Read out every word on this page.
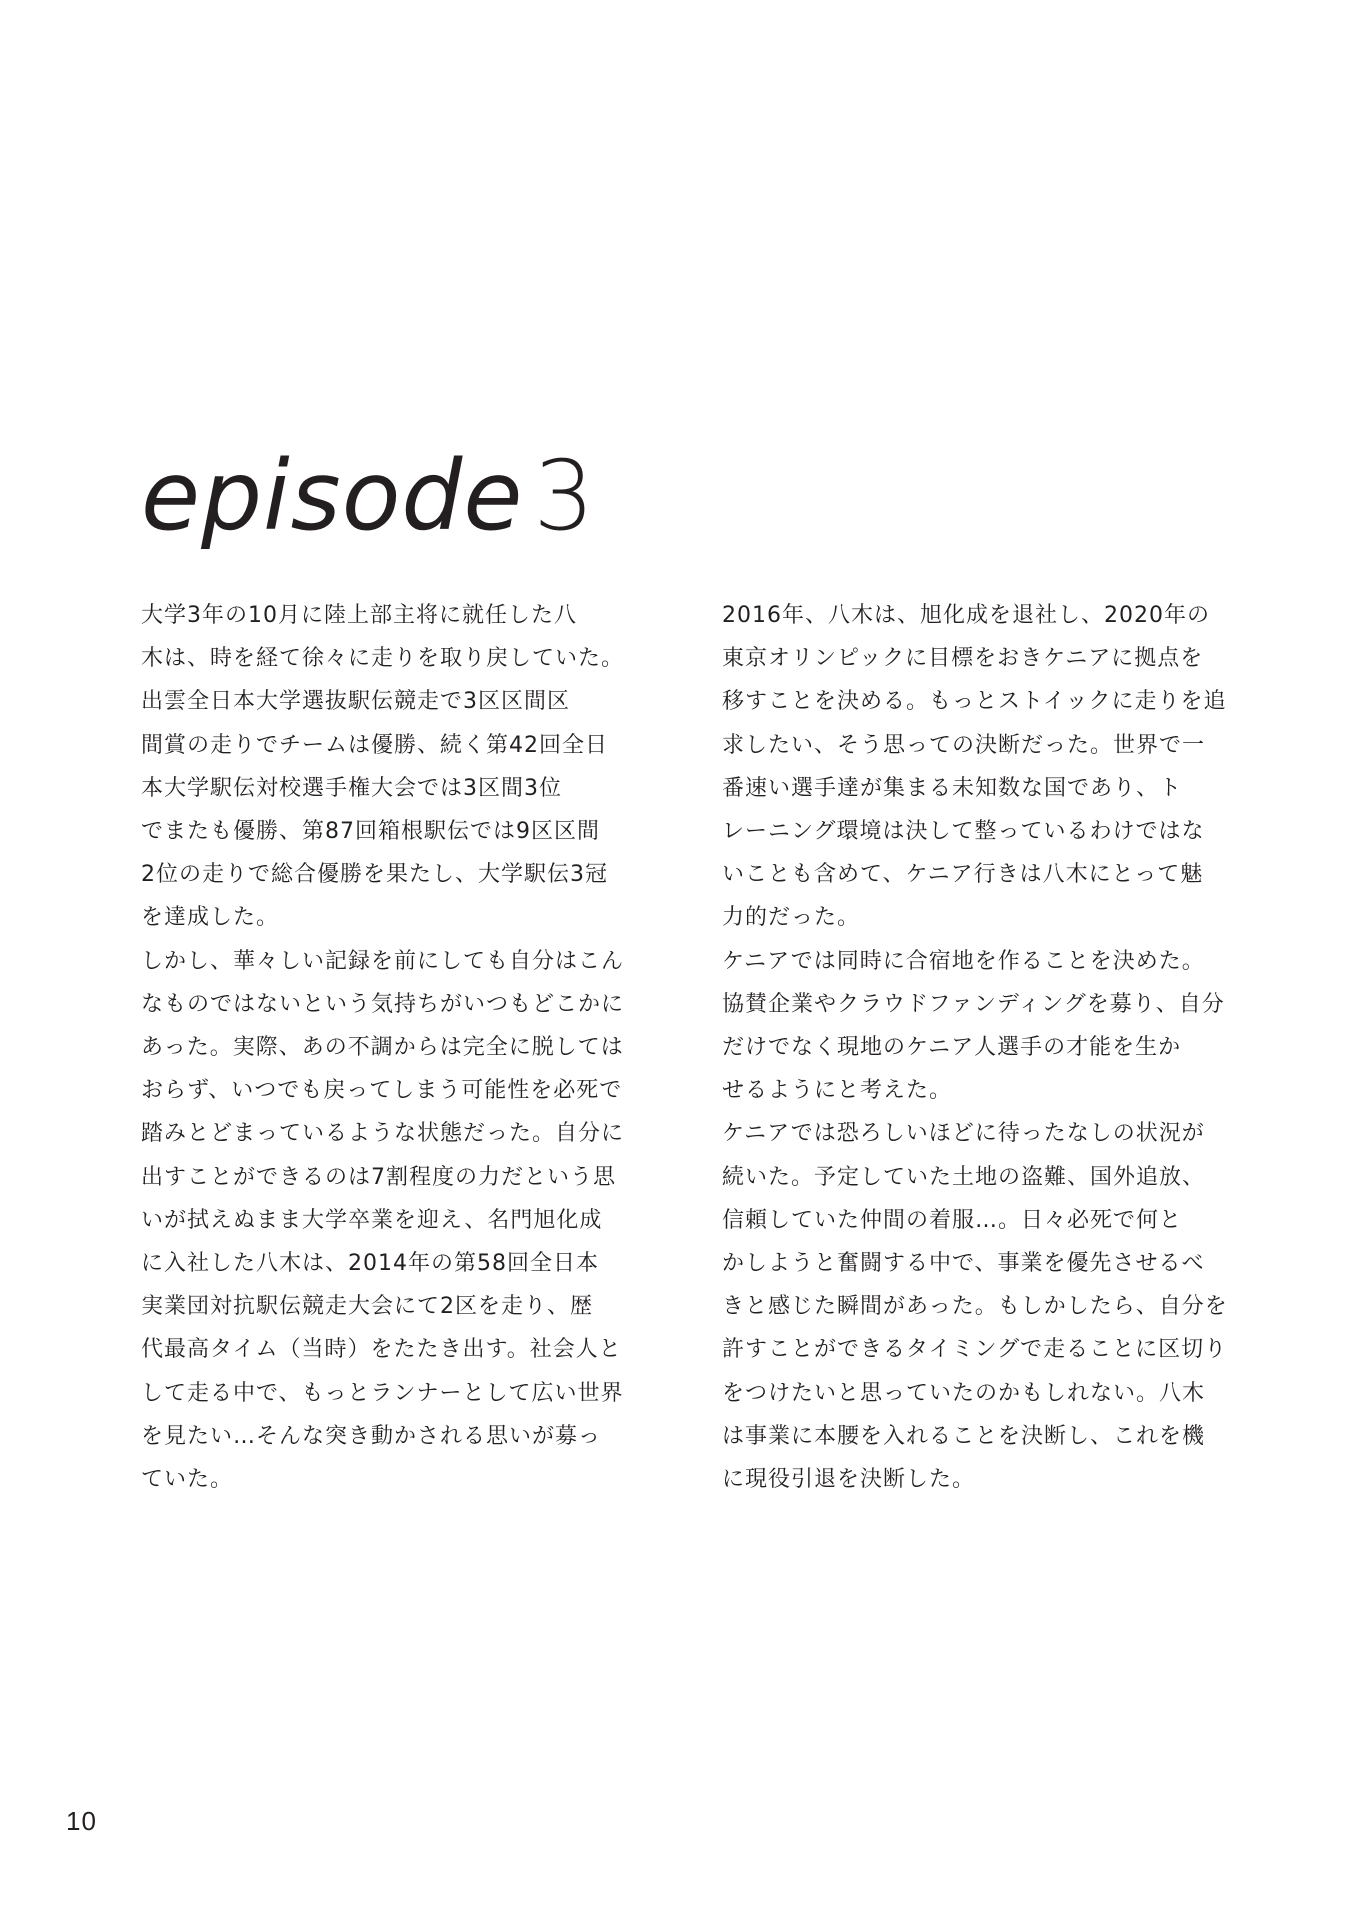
episode 3

大学3年の10月に陸上部主将に就任した八
木は、時を経て徐々に走りを取り戻していた。
出雲全日本大学選抜駅伝競走で3区区間区
間賞の走りでチームは優勝、続く第42回全日
本大学駅伝対校選手権大会では3区間3位
でまたも優勝、第87回箱根駅伝では9区区間
2位の走りで総合優勝を果たし、大学駅伝3冠
を達成した。

しかし、華々しい記録を前にしても自分はこん
なものではないという気持ちがいつもどこかに
あった。実際、あの不調からは完全に脱しては
おらず、いつでも戻ってしまう可能性を必死で
踏みとどまっているような状態だった。自分に
出すことができるのは7割程度の力だという思
いが拭えぬまま大学卒業を迎え、名門旭化成
に入社した八木は、2014年の第58回全日本
実業団対抗駅伝競走大会にて2区を走り、歴
代最高タイム（当時）をたたき出す。社会人と
して走る中で、もっとランナーとして広い世界
を見たい…そんな突き動かされる思いが募っ
ていた。

2016年、八木は、旭化成を退社し、2020年の
東京オリンピックに目標をおきケニアに拠点を
移すことを決める。もっとストイックに走りを追
求したい、そう思っての決断だった。世界で一
番速い選手達が集まる未知数な国であり、ト
レーニング環境は決して整っているわけではな
いことも含めて、ケニア行きは八木にとって魅
力的だった。

ケニアでは同時に合宿地を作ることを決めた。
協賛企業やクラウドファンディングを募り、自分
だけでなく現地のケニア人選手の才能を生か
せるようにと考えた。

ケニアでは恐ろしいほどに待ったなしの状況が
続いた。予定していた土地の盗難、国外追放、
信頼していた仲間の着服…。日々必死で何と
かしようと奮闘する中で、事業を優先させるべ
きと感じた瞬間があった。もしかしたら、自分を
許すことができるタイミングで走ることに区切り
をつけたいと思っていたのかもしれない。八木
は事業に本腰を入れることを決断し、これを機
に現役引退を決断した。

10
